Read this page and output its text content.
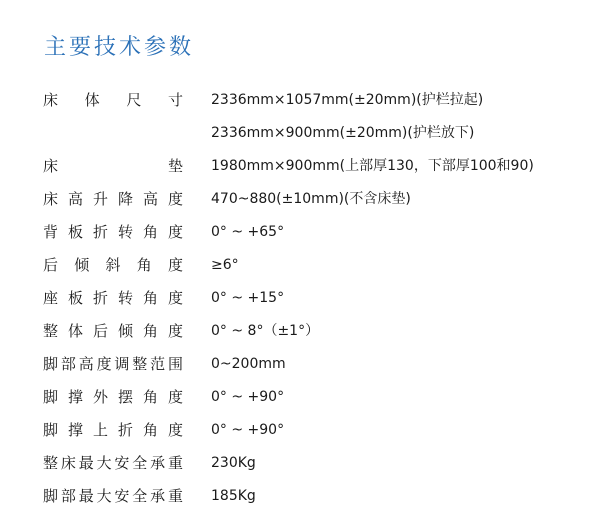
主要技术参数
床体尺寸 2336mm×1057mm(±20mm)(护栏拉起)
2336mm×900mm(±20mm)(护栏放下)
床垫 1980mm×900mm(上部厚130，下部厚100和90)
床高升降高度 470~880(±10mm)(不含床垫)
背板折转角度 0° ~ +65°
后倾斜角度 ≥6°
座板折转角度 0° ~ +15°
整体后倾角度 0° ~ 8°（±1°）
脚部高度调整范围 0~200mm
脚撑外摆角度 0° ~ +90°
脚撑上折角度 0° ~ +90°
整床最大安全承重 230Kg
脚部最大安全承重 185Kg
